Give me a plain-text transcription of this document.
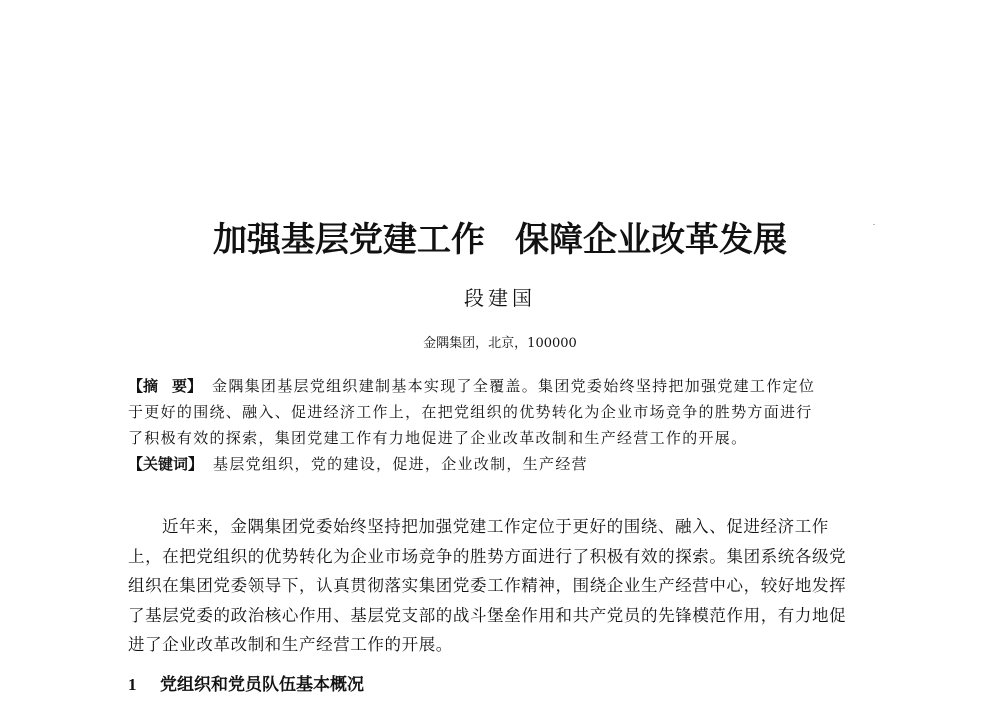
加强基层党建工作 保障企业改革发展
段建国
金隅集团，北京，100000
【摘 要】 金隅集团基层党组织建制基本实现了全覆盖。集团党委始终坚持把加强党建工作定位
于更好的围绕、融入、促进经济工作上，在把党组织的优势转化为企业市场竞争的胜势方面进行
了积极有效的探索，集团党建工作有力地促进了企业改革改制和生产经营工作的开展。
【关键词】 基层党组织，党的建设，促进，企业改制，生产经营
近年来，金隅集团党委始终坚持把加强党建工作定位于更好的围绕、融入、促进经济工作
上，在把党组织的优势转化为企业市场竞争的胜势方面进行了积极有效的探索。集团系统各级党
组织在集团党委领导下，认真贯彻落实集团党委工作精神，围绕企业生产经营中心，较好地发挥
了基层党委的政治核心作用、基层党支部的战斗堡垒作用和共产党员的先锋模范作用，有力地促
进了企业改革改制和生产经营工作的开展。
1 党组织和党员队伍基本概况
